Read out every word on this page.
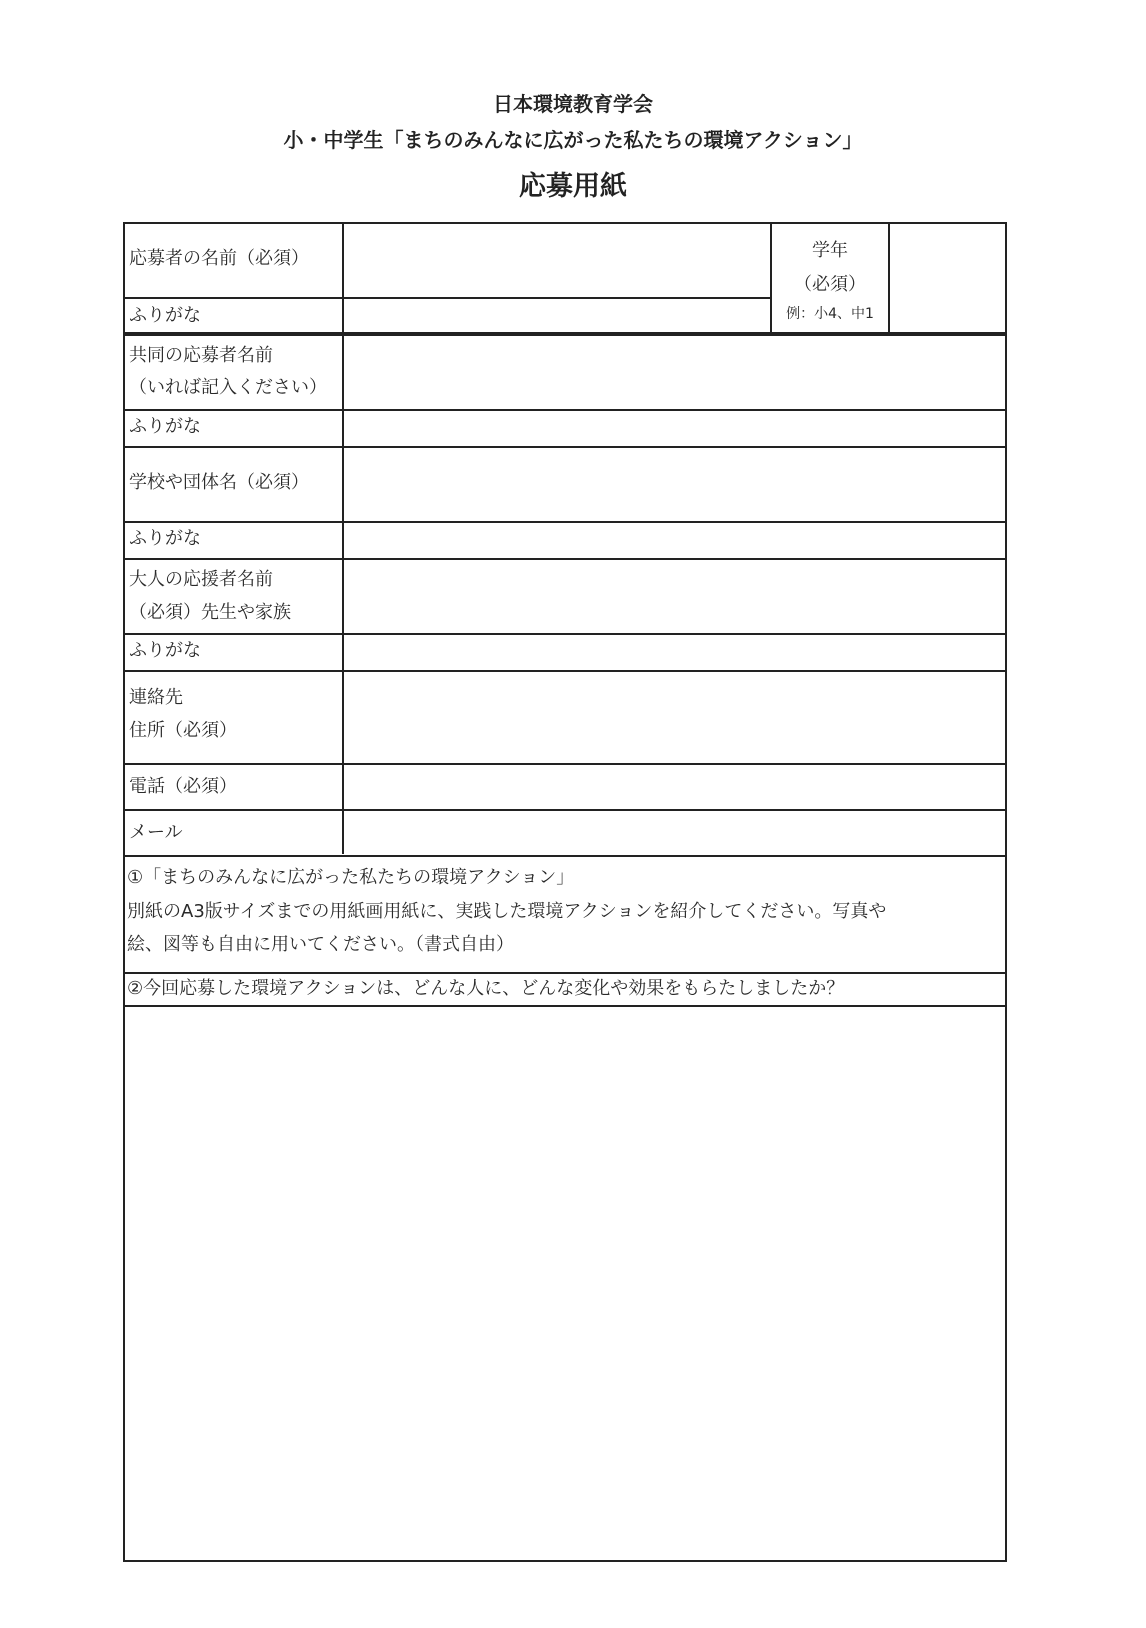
日本環境教育学会
小・中学生「まちのみんなに広がった私たちの環境アクション」
応募用紙
応募者の名前（必須）
ふりがな
学年
（必須）
例：小4、中1
共同の応募者名前
（いれば記入ください）
ふりがな
学校や団体名（必須）
ふりがな
大人の応援者名前
（必須）先生や家族
ふりがな
連絡先
住所（必須）
電話（必須）
メール
①「まちのみんなに広がった私たちの環境アクション」
別紙のA3版サイズまでの用紙画用紙に、実践した環境アクションを紹介してください。写真や
絵、図等も自由に用いてください。（書式自由）
②今回応募した環境アクションは、どんな人に、どんな変化や効果をもらたしましたか？
